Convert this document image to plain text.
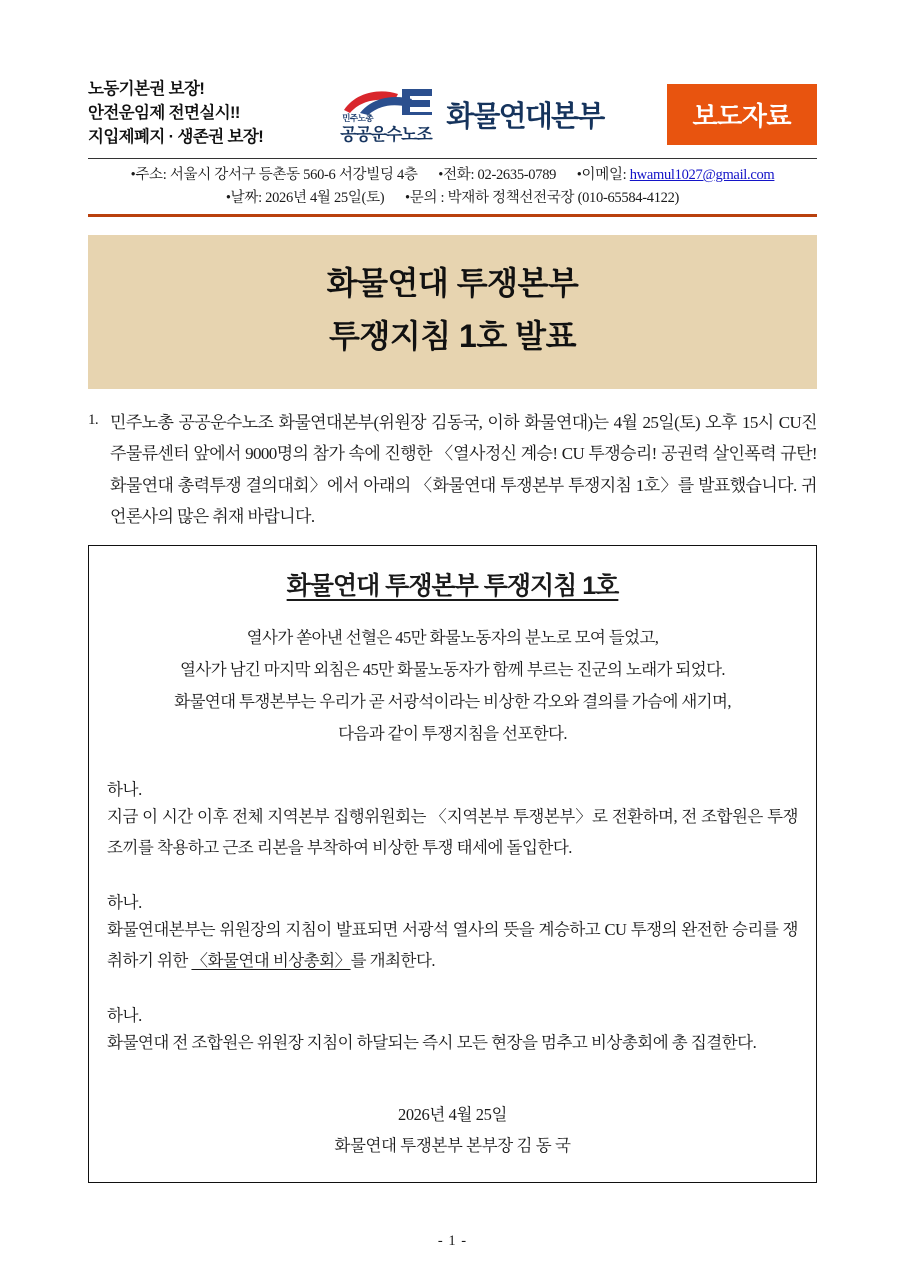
노동기본권 보장!
안전운임제 전면실시!!
지입제폐지 · 생존권 보장!
민주노총
공공운수노조
화물연대본부	보도자료
•주소: 서울시 강서구 등촌동 560-6 서강빌딩 4층 •전화: 02-2635-0789 •이메일: hwamul1027@gmail.com
•날짜: 2026년 4월 25일(토) •문의 : 박재하 정책선전국장 (010-65584-4122)
화물연대 투쟁본부
투쟁지침 1호 발표
1. 민주노총 공공운수노조 화물연대본부(위원장 김동국, 이하 화물연대)는 4월 25일(토) 오후 15시 CU진주물류센터 앞에서 9000명의 참가 속에 진행한 〈열사정신 계승! CU 투쟁승리! 공권력 살인폭력 규탄! 화물연대 총력투쟁 결의대회〉에서 아래의 〈화물연대 투쟁본부 투쟁지침 1호〉를 발표했습니다. 귀 언론사의 많은 취재 바랍니다.
화물연대 투쟁본부 투쟁지침 1호
열사가 쏟아낸 선혈은 45만 화물노동자의 분노로 모여 들었고,
열사가 남긴 마지막 외침은 45만 화물노동자가 함께 부르는 진군의 노래가 되었다.
화물연대 투쟁본부는 우리가 곧 서광석이라는 비상한 각오와 결의를 가슴에 새기며,
다음과 같이 투쟁지침을 선포한다.
하나.
지금 이 시간 이후 전체 지역본부 집행위원회는 〈지역본부 투쟁본부〉로 전환하며, 전 조합원은 투쟁조끼를 착용하고 근조 리본을 부착하여 비상한 투쟁 태세에 돌입한다.
하나.
화물연대본부는 위원장의 지침이 발표되면 서광석 열사의 뜻을 계승하고 CU 투쟁의 완전한 승리를 쟁취하기 위한 〈화물연대 비상총회〉를 개최한다.
하나.
화물연대 전 조합원은 위원장 지침이 하달되는 즉시 모든 현장을 멈추고 비상총회에 총 집결한다.
2026년 4월 25일
화물연대 투쟁본부 본부장 김 동 국
- 1 -
